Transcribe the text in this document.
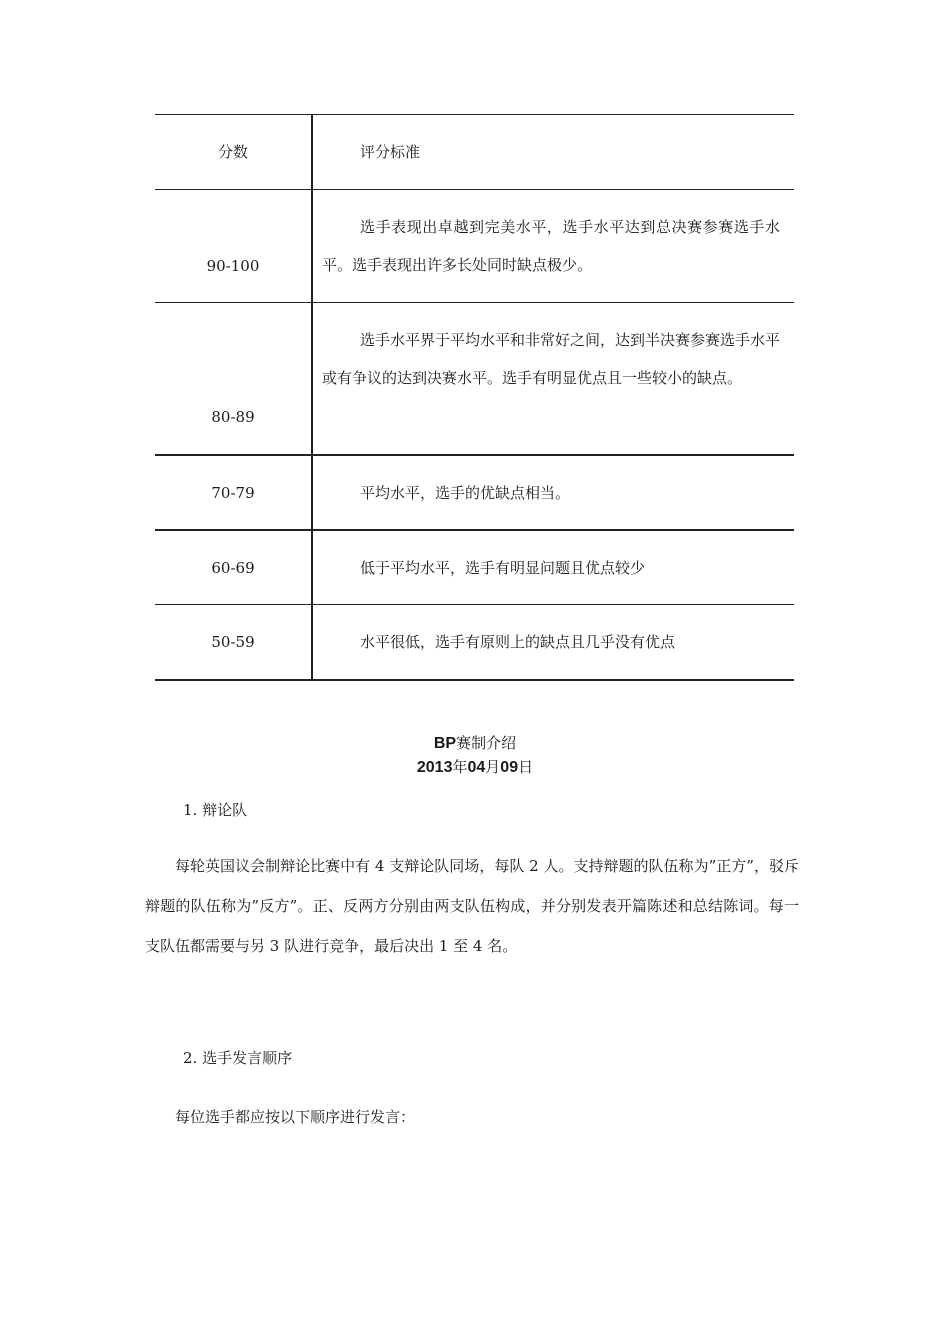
分数	评分标准

90-100	选手表现出卓越到完美水平，选手水平达到总决赛参赛选手水平。选手表现出许多长处同时缺点极少。

80-89	选手水平界于平均水平和非常好之间，达到半决赛参赛选手水平或有争议的达到决赛水平。选手有明显优点且一些较小的缺点。

70-79	平均水平，选手的优缺点相当。

60-69	低于平均水平，选手有明显问题且优点较少

50-59	水平很低，选手有原则上的缺点且几乎没有优点
BP赛制介绍
2013年04月09日
1. 辩论队
每轮英国议会制辩论比赛中有 4 支辩论队同场，每队 2 人。支持辩题的队伍称为”正方”，驳斥辩题的队伍称为”反方”。正、反两方分别由两支队伍构成，并分别发表开篇陈述和总结陈词。每一支队伍都需要与另 3 队进行竞争，最后决出 1 至 4 名。
2. 选手发言顺序
每位选手都应按以下顺序进行发言：
